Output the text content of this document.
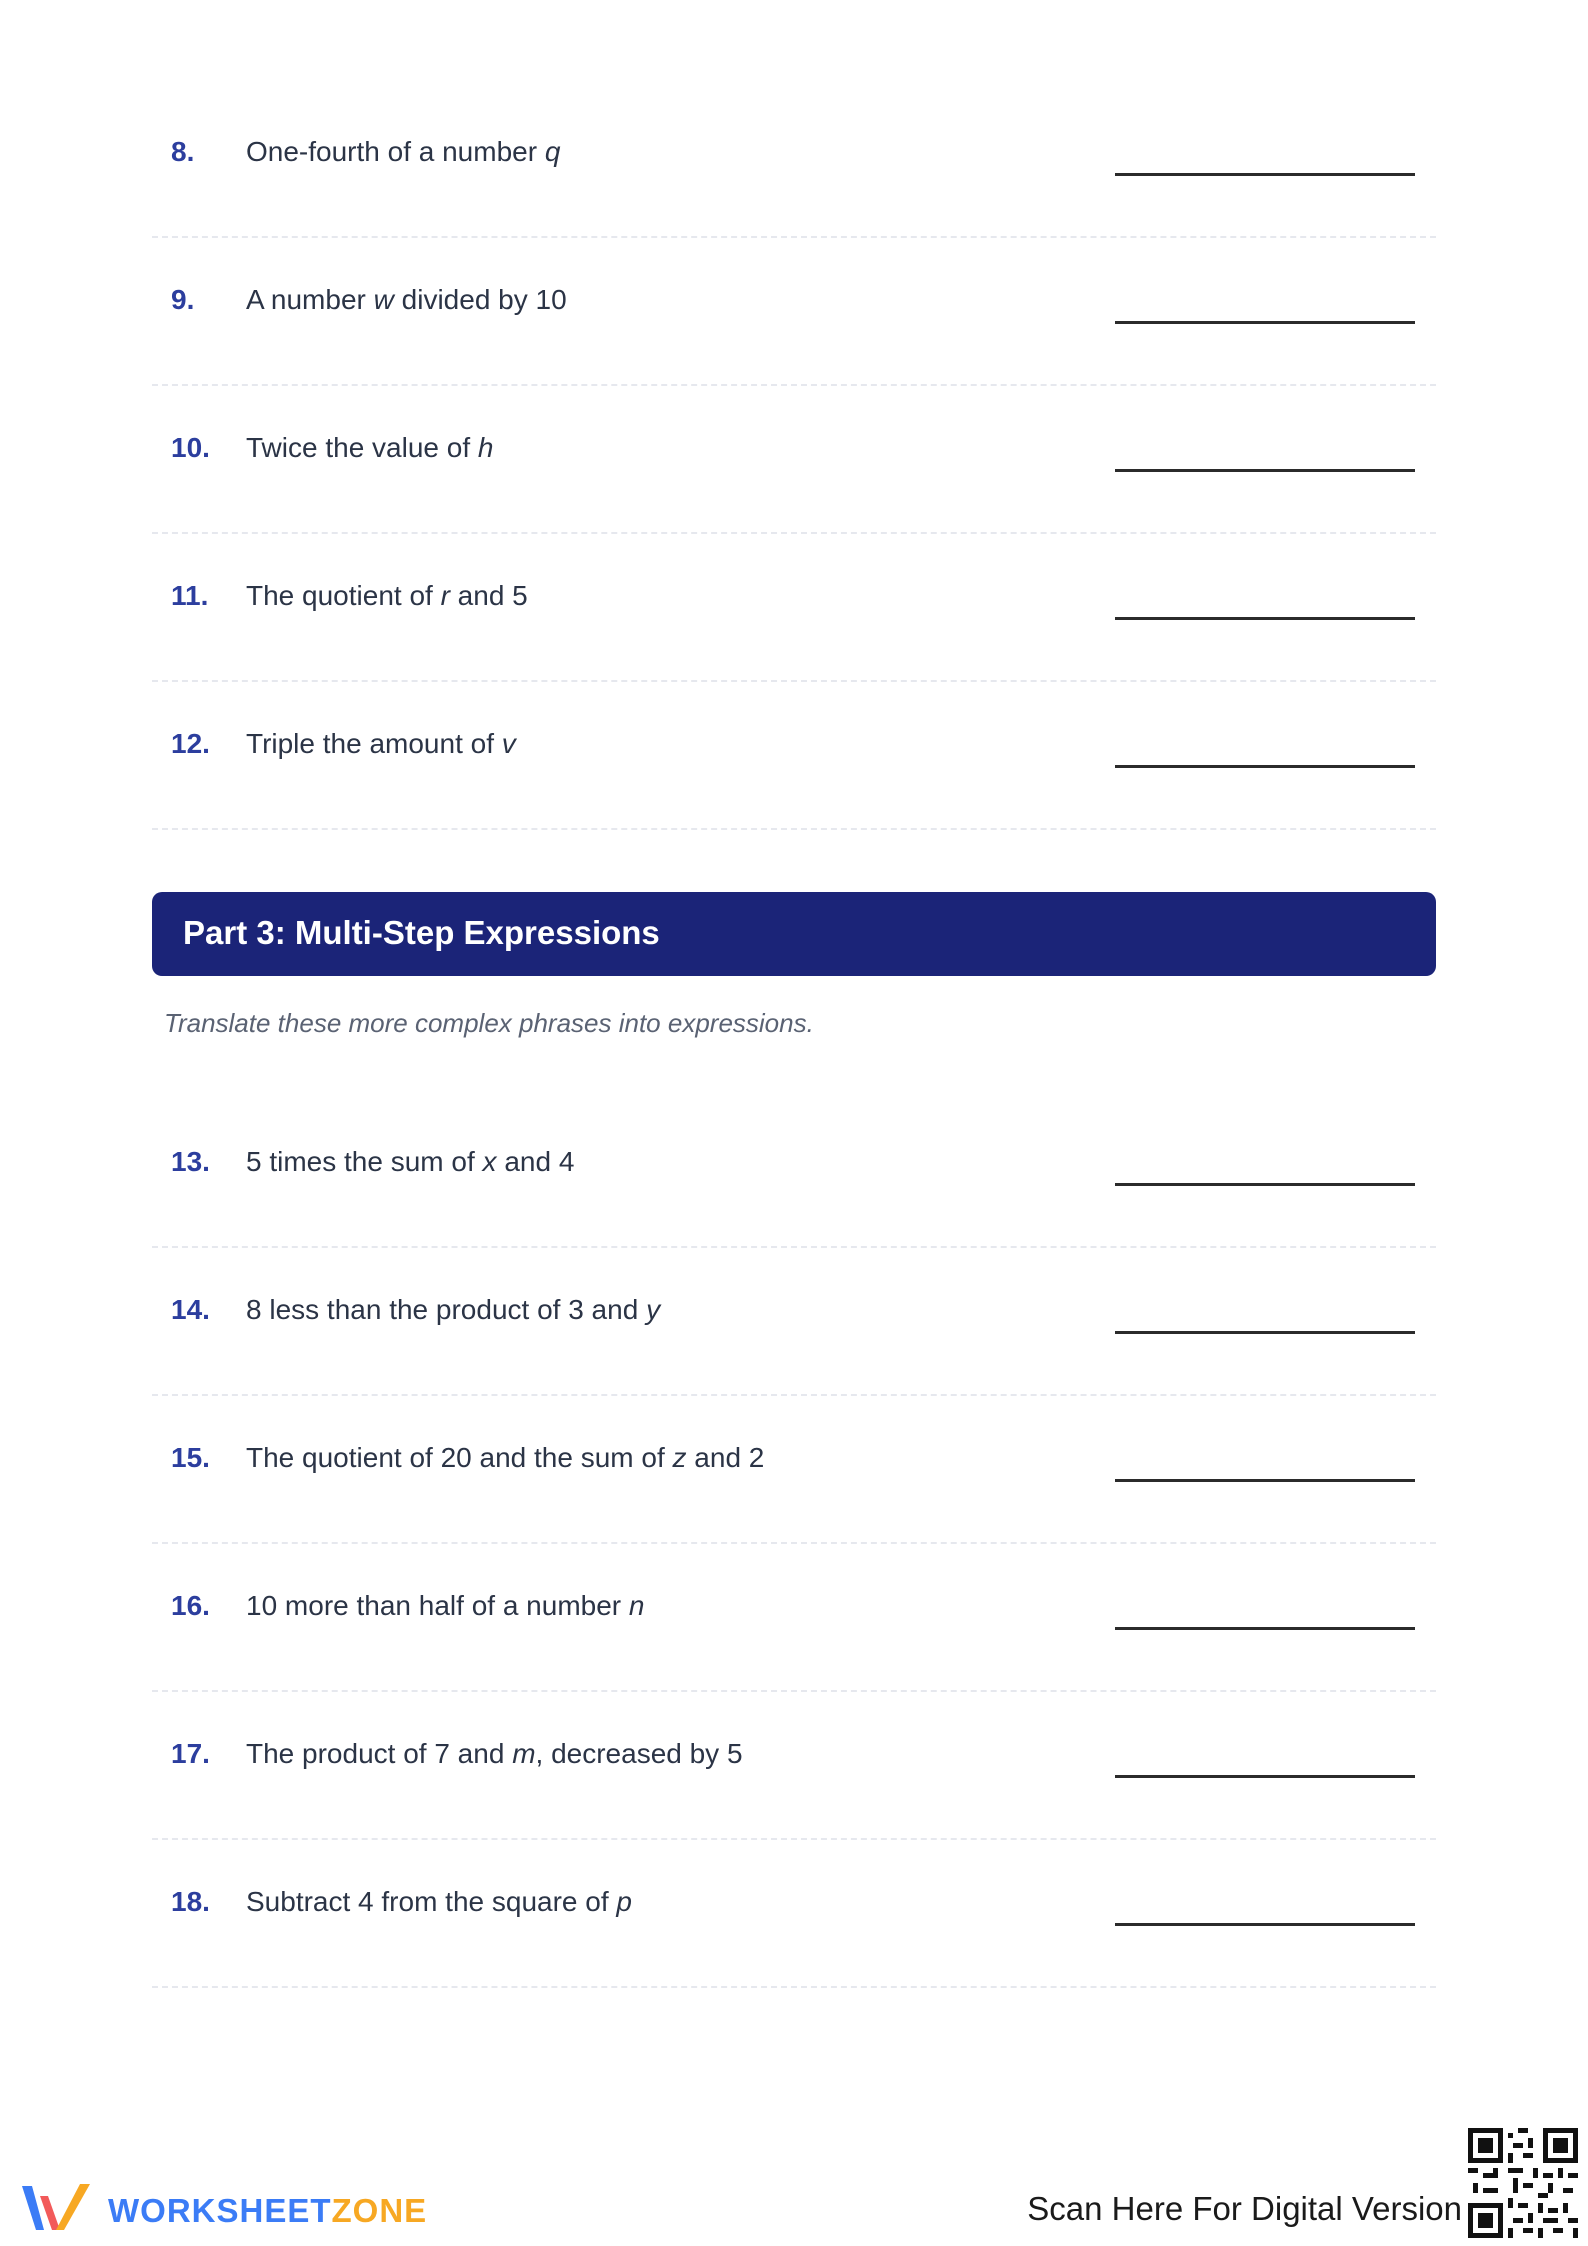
8. One-fourth of a number q
9. A number w divided by 10
10. Twice the value of h
11. The quotient of r and 5
12. Triple the amount of v
Part 3: Multi-Step Expressions
Translate these more complex phrases into expressions.
13. 5 times the sum of x and 4
14. 8 less than the product of 3 and y
15. The quotient of 20 and the sum of z and 2
16. 10 more than half of a number n
17. The product of 7 and m, decreased by 5
18. Subtract 4 from the square of p
WORKSHEETZONE	Scan Here For Digital Version
